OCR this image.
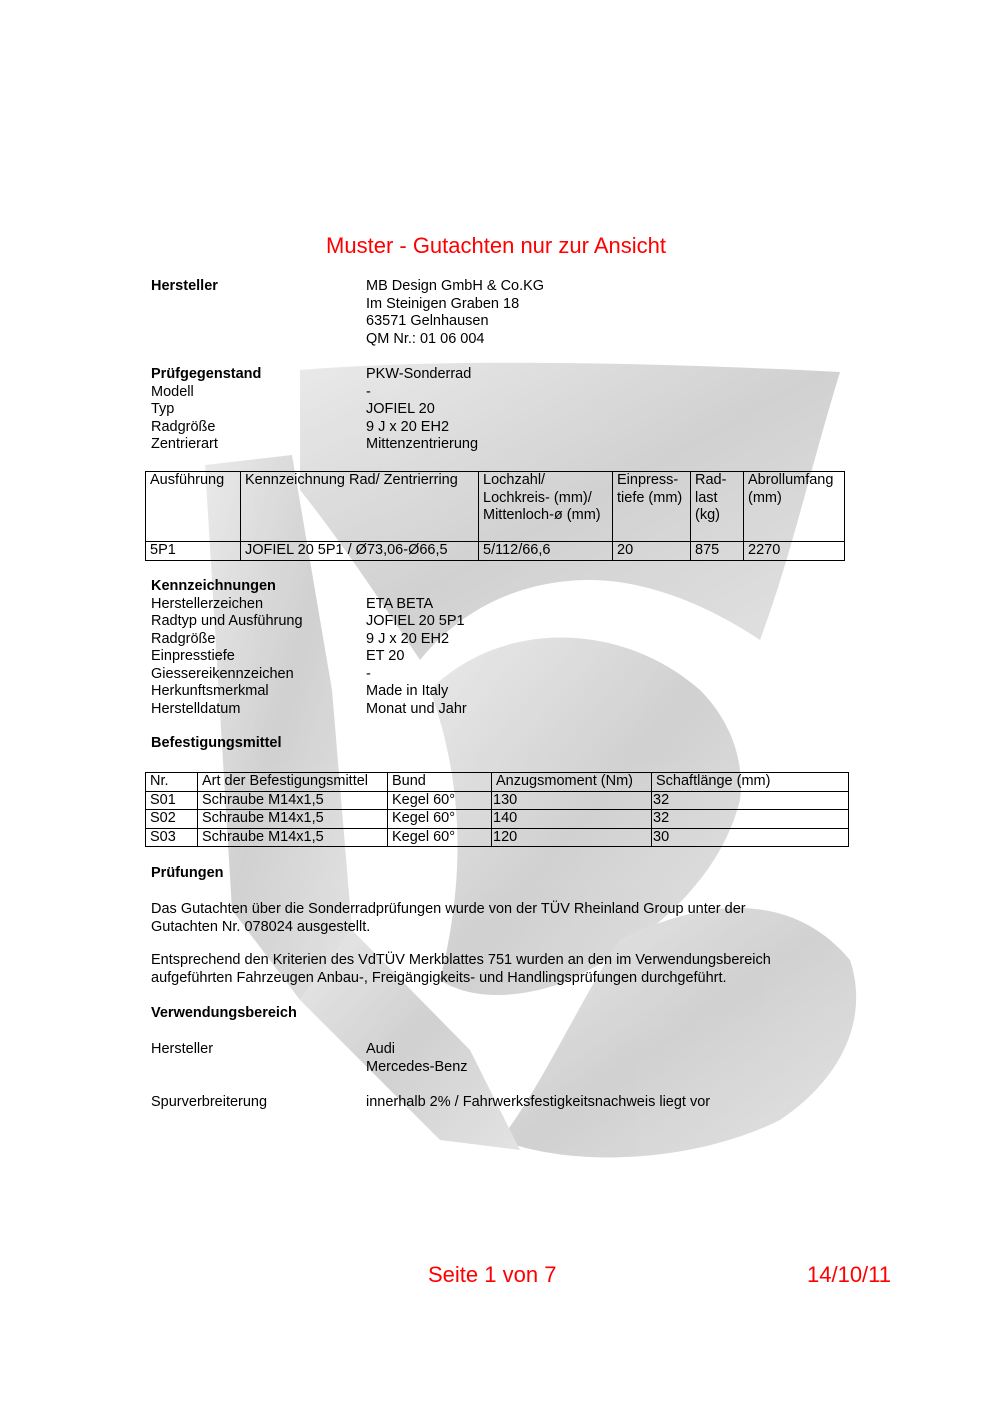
Muster - Gutachten nur zur Ansicht
Hersteller	MB Design GmbH & Co.KG
Im Steinigen Graben 18
63571 Gelnhausen
QM Nr.: 01 06 004
Prüfgegenstand	PKW-Sonderrad
Modell	-
Typ	JOFIEL 20
Radgröße	9 J x 20 EH2
Zentrierart	Mittenzentrierung
Ausführung	Kennzeichnung Rad/ Zentrierring	Lochzahl/ Lochkreis- (mm)/ Mittenloch-ø (mm)	Einpress-tiefe (mm)	Rad-last (kg)	Abrollumfang (mm)
5P1	JOFIEL 20 5P1 / Ø73,06-Ø66,5	5/112/66,6	20	875	2270
Kennzeichnungen
Herstellerzeichen	ETA BETA
Radtyp und Ausführung	JOFIEL 20 5P1
Radgröße	9 J x 20 EH2
Einpresstiefe	ET 20
Giessereikennzeichen	-
Herkunftsmerkmal	Made in Italy
Herstelldatum	Monat und Jahr
Befestigungsmittel
Nr.	Art der Befestigungsmittel	Bund	Anzugsmoment (Nm)	Schaftlänge (mm)
S01	Schraube M14x1,5	Kegel 60°	130	32
S02	Schraube M14x1,5	Kegel 60°	140	32
S03	Schraube M14x1,5	Kegel 60°	120	30
Prüfungen
Das Gutachten über die Sonderradprüfungen wurde von der TÜV Rheinland Group unter der Gutachten Nr. 078024 ausgestellt.
Entsprechend den Kriterien des VdTÜV Merkblattes 751 wurden an den im Verwendungsbereich aufgeführten Fahrzeugen Anbau-, Freigängigkeits- und Handlingsprüfungen durchgeführt.
Verwendungsbereich
Hersteller	Audi
Mercedes-Benz
Spurverbreiterung	innerhalb 2% / Fahrwerksfestigkeitsnachweis liegt vor
Seite 1 von 7	14/10/11
